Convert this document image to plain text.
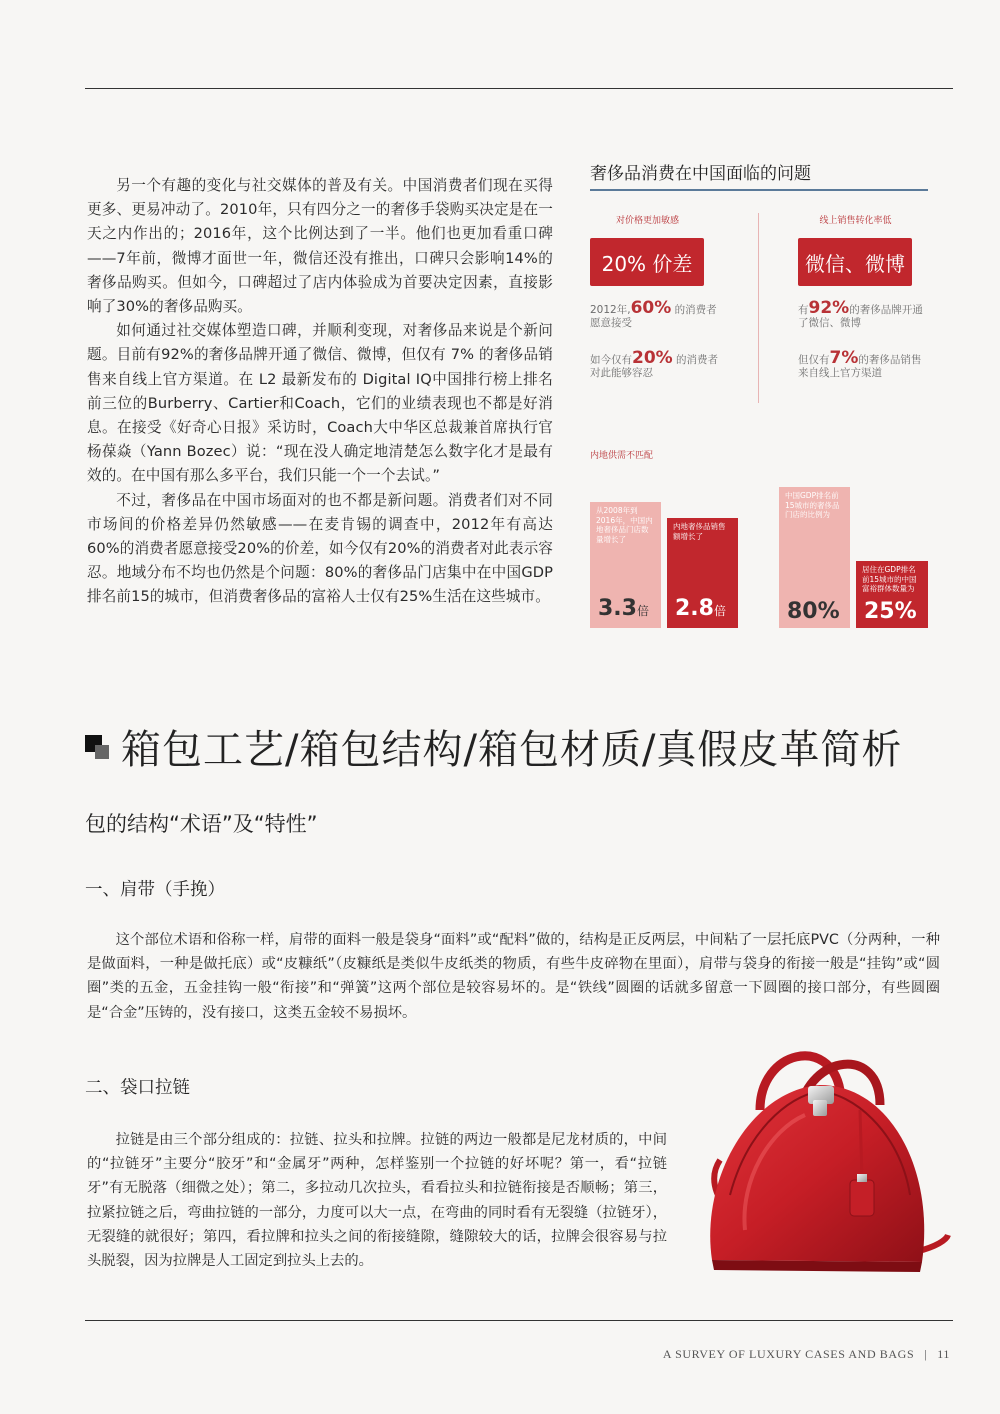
另一个有趣的变化与社交媒体的普及有关。中国消费者们现在买得更多、更易冲动了。2010年，只有四分之一的奢侈手袋购买决定是在一天之内作出的；2016年，这个比例达到了一半。他们也更加看重口碑——7年前，微博才面世一年，微信还没有推出，口碑只会影响14%的奢侈品购买。但如今，口碑超过了店内体验成为首要决定因素，直接影响了30%的奢侈品购买。

如何通过社交媒体塑造口碑，并顺利变现，对奢侈品来说是个新问题。目前有92%的奢侈品牌开通了微信、微博，但仅有 7% 的奢侈品销售来自线上官方渠道。在 L2 最新发布的 Digital IQ中国排行榜上排名前三位的Burberry、Cartier和Coach，它们的业绩表现也不都是好消息。在接受《好奇心日报》采访时，Coach大中华区总裁兼首席执行官杨葆焱（Yann Bozec）说：“现在没人确定地清楚怎么数字化才是最有效的。在中国有那么多平台，我们只能一个一个去试。”

不过，奢侈品在中国市场面对的也不都是新问题。消费者们对不同市场间的价格差异仍然敏感——在麦肯锡的调查中，2012年有高达60%的消费者愿意接受20%的价差，如今仅有20%的消费者对此表示容忍。地域分布不均也仍然是个问题：80%的奢侈品门店集中在中国GDP排名前15的城市，但消费奢侈品的富裕人士仅有25%生活在这些城市。

奢侈品消费在中国面临的问题
对价格更加敏感
20% 价差
2012年,60% 的消费者
愿意接受
如今仅有20% 的消费者
对此能够容忍
线上销售转化率低
微信、微博
有92%的奢侈品牌开通
了微信、微博
但仅有7%的奢侈品销售
来自线上官方渠道
内地供需不匹配
从2008年到2016年，中国内地奢侈品门店数量增长了
3.3倍
内地奢侈品销售额增长了
2.8倍
中国GDP排名前15城市的奢侈品门店的比例为
80%
居住在GDP排名前15城市的中国富裕群体数量为
25%
箱包工艺/箱包结构/箱包材质/真假皮革简析
包的结构“术语”及“特性”
一、肩带（手挽）

这个部位术语和俗称一样，肩带的面料一般是袋身“面料”或“配料”做的，结构是正反两层，中间粘了一层托底PVC（分两种，一种是做面料，一种是做托底）或“皮糠纸”（皮糠纸是类似牛皮纸类的物质，有些牛皮碎物在里面），肩带与袋身的衔接一般是“挂钩”或“圆圈”类的五金，五金挂钩一般“衔接”和“弹簧”这两个部位是较容易坏的。是“铁线”圆圈的话就多留意一下圆圈的接口部分，有些圆圈是“合金”压铸的，没有接口，这类五金较不易损坏。

二、袋口拉链

拉链是由三个部分组成的：拉链、拉头和拉牌。拉链的两边一般都是尼龙材质的，中间的“拉链牙”主要分“胶牙”和“金属牙”两种，怎样鉴别一个拉链的好坏呢？第一，看“拉链牙”有无脱落（细微之处）；第二，多拉动几次拉头，看看拉头和拉链衔接是否顺畅；第三，拉紧拉链之后，弯曲拉链的一部分，力度可以大一点，在弯曲的同时看有无裂缝（拉链牙），无裂缝的就很好；第四，看拉牌和拉头之间的衔接缝隙，缝隙较大的话，拉牌会很容易与拉头脱裂，因为拉牌是人工固定到拉头上去的。

A SURVEY OF LUXURY CASES AND BAGS | 11
